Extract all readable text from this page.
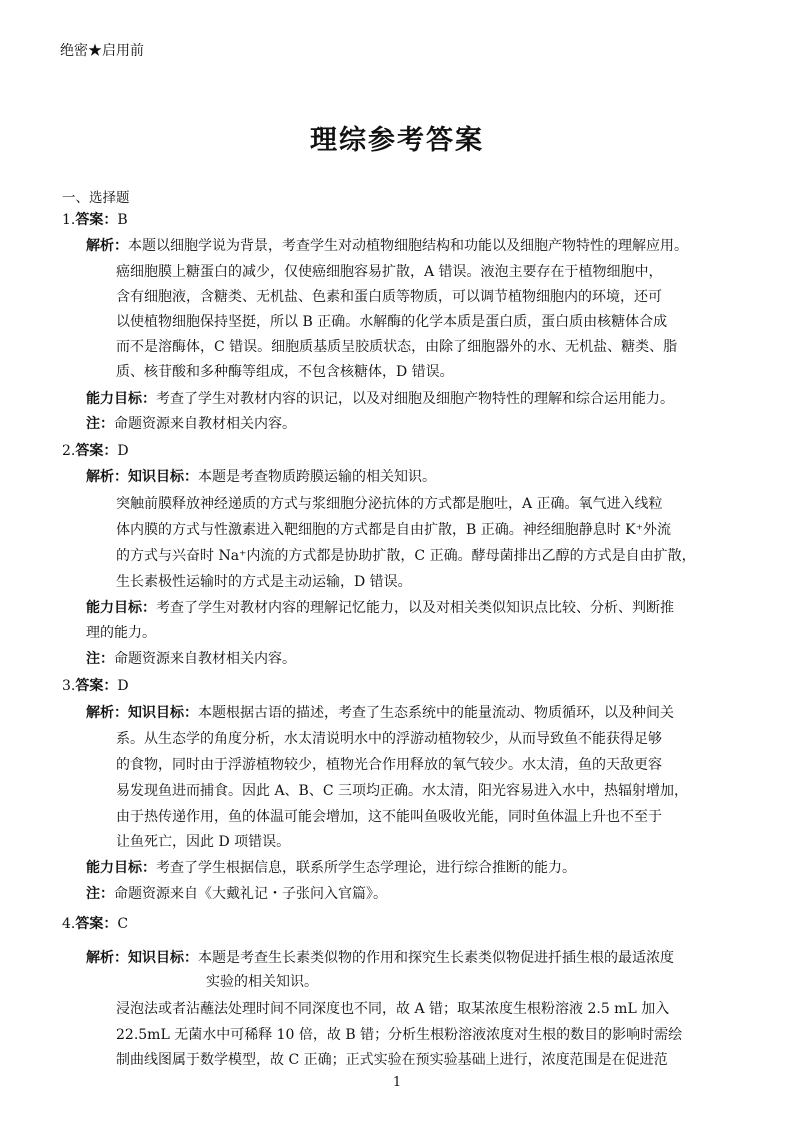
绝密★启用前
理综参考答案
一、选择题
1.答案：B
解析：本题以细胞学说为背景，考查学生对动植物细胞结构和功能以及细胞产物特性的理解应用。
癌细胞膜上糖蛋白的减少，仅使癌细胞容易扩散，A 错误。液泡主要存在于植物细胞中，
含有细胞液，含糖类、无机盐、色素和蛋白质等物质，可以调节植物细胞内的环境，还可
以使植物细胞保持坚挺，所以 B 正确。水解酶的化学本质是蛋白质，蛋白质由核糖体合成
而不是溶酶体，C 错误。细胞质基质呈胶质状态，由除了细胞器外的水、无机盐、糖类、脂
质、核苷酸和多种酶等组成，不包含核糖体，D 错误。
能力目标：考查了学生对教材内容的识记，以及对细胞及细胞产物特性的理解和综合运用能力。
注：命题资源来自教材相关内容。
2.答案：D
解析：知识目标：本题是考查物质跨膜运输的相关知识。
突触前膜释放神经递质的方式与浆细胞分泌抗体的方式都是胞吐，A 正确。氧气进入线粒
体内膜的方式与性激素进入靶细胞的方式都是自由扩散，B 正确。神经细胞静息时 K⁺外流
的方式与兴奋时 Na⁺内流的方式都是协助扩散，C 正确。酵母菌排出乙醇的方式是自由扩散，
生长素极性运输时的方式是主动运输，D 错误。
能力目标：考查了学生对教材内容的理解记忆能力，以及对相关类似知识点比较、分析、判断推
理的能力。
注：命题资源来自教材相关内容。
3.答案：D
解析：知识目标：本题根据古语的描述，考查了生态系统中的能量流动、物质循环，以及种间关
系。从生态学的角度分析，水太清说明水中的浮游动植物较少，从而导致鱼不能获得足够
的食物，同时由于浮游植物较少，植物光合作用释放的氧气较少。水太清，鱼的天敌更容
易发现鱼进而捕食。因此 A、B、C 三项均正确。水太清，阳光容易进入水中，热辐射增加，
由于热传递作用，鱼的体温可能会增加，这不能叫鱼吸收光能，同时鱼体温上升也不至于
让鱼死亡，因此 D 项错误。
能力目标：考查了学生根据信息，联系所学生态学理论，进行综合推断的能力。
注：命题资源来自《大戴礼记・子张问入官篇》。
4.答案：C
解析：知识目标：本题是考查生长素类似物的作用和探究生长素类似物促进扦插生根的最适浓度
实验的相关知识。
浸泡法或者沾蘸法处理时间不同深度也不同，故 A 错；取某浓度生根粉溶液 2.5 mL 加入
22.5mL 无菌水中可稀释 10 倍，故 B 错；分析生根粉溶液浓度对生根的数目的影响时需绘
制曲线图属于数学模型，故 C 正确；正式实验在预实验基础上进行，浓度范围是在促进范
1
